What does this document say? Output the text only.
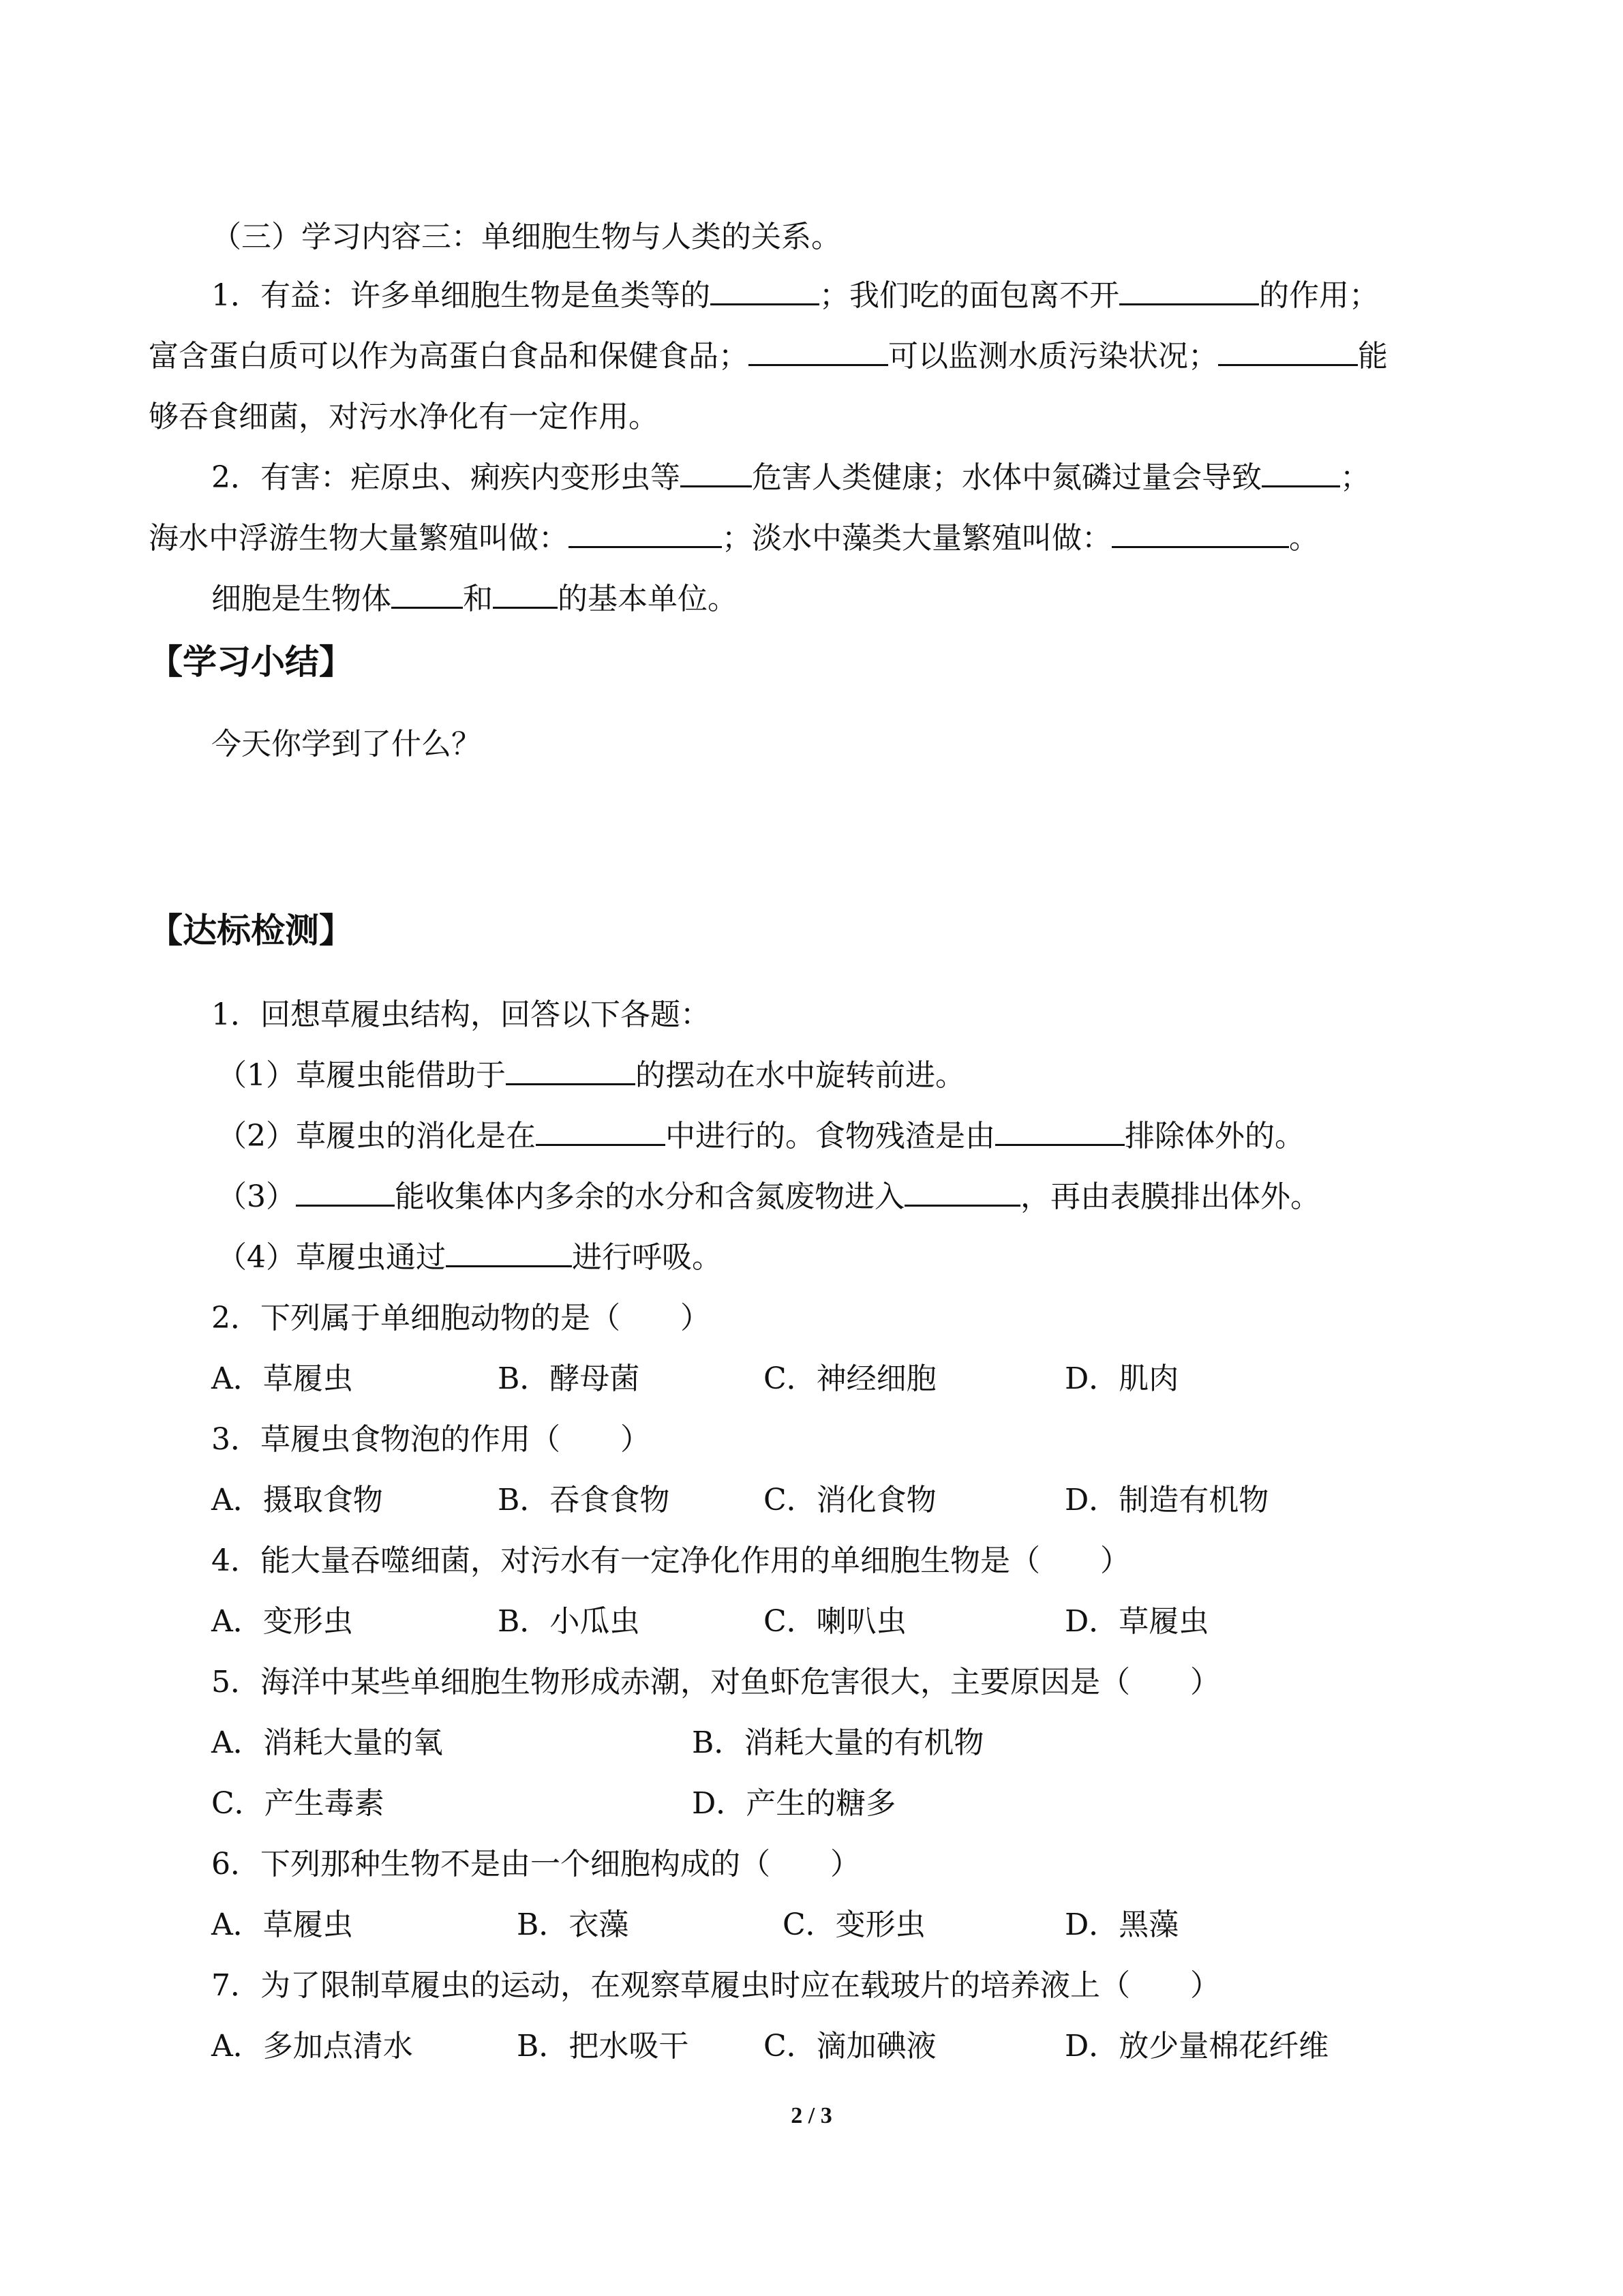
（三）学习内容三：单细胞生物与人类的关系。
1．有益：许多单细胞生物是鱼类等的	；我们吃的面包离不开	的作用；
富含蛋白质可以作为高蛋白食品和保健食品；	可以监测水质污染状况；	能
够吞食细菌，对污水净化有一定作用。
2．有害：疟原虫、痢疾内变形虫等 危害人类健康；水体中氮磷过量会导致	；
海水中浮游生物大量繁殖叫做：	；淡水中藻类大量繁殖叫做：	。
细胞是生物体 和 的基本单位。
【学习小结】
今天你学到了什么？
【达标检测】
1．回想草履虫结构，回答以下各题：
（1）草履虫能借助于	的摆动在水中旋转前进。
（2）草履虫的消化是在	中进行的。食物残渣是由	排除体外的。
（3）	能收集体内多余的水分和含氮废物进入	，再由表膜排出体外。
（4）草履虫通过	进行呼吸。
2．下列属于单细胞动物的是（　　）
A．草履虫	B．酵母菌	C．神经细胞	D．肌肉
3．草履虫食物泡的作用（　　）
A．摄取食物	B．吞食食物	C．消化食物	D．制造有机物
4．能大量吞噬细菌，对污水有一定净化作用的单细胞生物是（　　）
A．变形虫	B．小瓜虫	C．喇叭虫	D．草履虫
5．海洋中某些单细胞生物形成赤潮，对鱼虾危害很大，主要原因是（　　）
A．消耗大量的氧	B．消耗大量的有机物
C．产生毒素	D．产生的糖多
6．下列那种生物不是由一个细胞构成的（　　）
A．草履虫	B．衣藻	C．变形虫	D．黑藻
7．为了限制草履虫的运动，在观察草履虫时应在载玻片的培养液上（　　）
A．多加点清水	B．把水吸干 C．滴加碘液	D．放少量棉花纤维
2 / 3
